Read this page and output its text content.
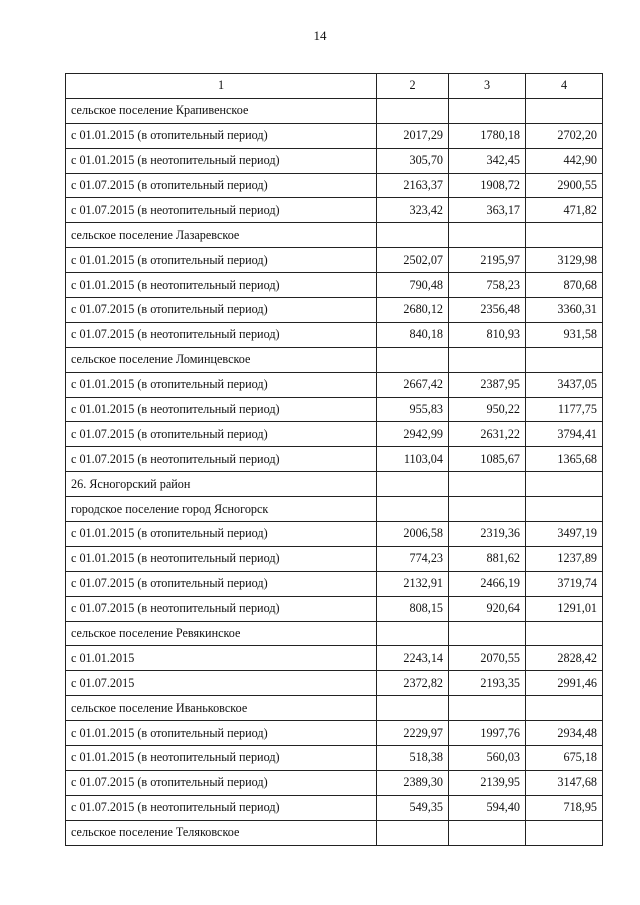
14
1	2	3	4
сельское поселение Крапивенское			
с 01.01.2015 (в отопительный период)	2017,29	1780,18	2702,20
с 01.01.2015 (в неотопительный период)	305,70	342,45	442,90
с 01.07.2015 (в отопительный период)	2163,37	1908,72	2900,55
с 01.07.2015 (в неотопительный период)	323,42	363,17	471,82
сельское поселение Лазаревское			
с 01.01.2015 (в отопительный период)	2502,07	2195,97	3129,98
с 01.01.2015 (в неотопительный период)	790,48	758,23	870,68
с 01.07.2015 (в отопительный период)	2680,12	2356,48	3360,31
с 01.07.2015 (в неотопительный период)	840,18	810,93	931,58
сельское поселение Ломинцевское			
с 01.01.2015 (в отопительный период)	2667,42	2387,95	3437,05
с 01.01.2015 (в неотопительный период)	955,83	950,22	1177,75
с 01.07.2015 (в отопительный период)	2942,99	2631,22	3794,41
с 01.07.2015 (в неотопительный период)	1103,04	1085,67	1365,68
26. Ясногорский район			
городское поселение город Ясногорск			
с 01.01.2015 (в отопительный период)	2006,58	2319,36	3497,19
с 01.01.2015 (в неотопительный период)	774,23	881,62	1237,89
с 01.07.2015 (в отопительный период)	2132,91	2466,19	3719,74
с 01.07.2015 (в неотопительный период)	808,15	920,64	1291,01
сельское поселение Ревякинское			
с 01.01.2015	2243,14	2070,55	2828,42
с 01.07.2015	2372,82	2193,35	2991,46
сельское поселение Иваньковское			
с 01.01.2015 (в отопительный период)	2229,97	1997,76	2934,48
с 01.01.2015 (в неотопительный период)	518,38	560,03	675,18
с 01.07.2015 (в отопительный период)	2389,30	2139,95	3147,68
с 01.07.2015 (в неотопительный период)	549,35	594,40	718,95
сельское поселение Теляковское			
